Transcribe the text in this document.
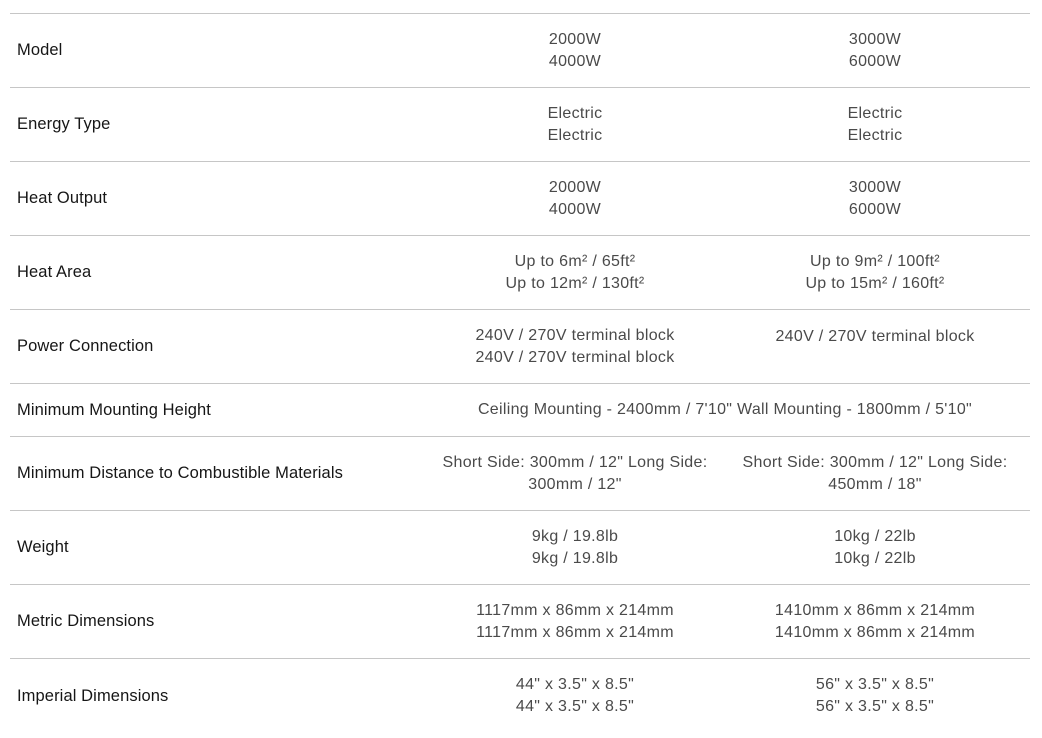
Model
2000W
4000W
3000W
6000W
Energy Type
Electric
Electric
Electric
Electric
Heat Output
2000W
4000W
3000W
6000W
Heat Area
Up to 6m² / 65ft²
Up to 12m² / 130ft²
Up to 9m² / 100ft²
Up to 15m² / 160ft²
Power Connection
240V / 270V terminal block
240V / 270V terminal block
240V / 270V terminal block
Minimum Mounting Height	Ceiling Mounting - 2400mm / 7'10" Wall Mounting - 1800mm / 5'10"
Minimum Distance to Combustible Materials
Short Side: 300mm / 12" Long Side: 300mm / 12"
Short Side: 300mm / 12" Long Side: 450mm / 18"
Weight
9kg / 19.8lb
9kg / 19.8lb
10kg / 22lb
10kg / 22lb
Metric Dimensions
1117mm x 86mm x 214mm
1117mm x 86mm x 214mm
1410mm x 86mm x 214mm
1410mm x 86mm x 214mm
Imperial Dimensions
44" x 3.5" x 8.5"
44" x 3.5" x 8.5"
56" x 3.5" x 8.5"
56" x 3.5" x 8.5"
